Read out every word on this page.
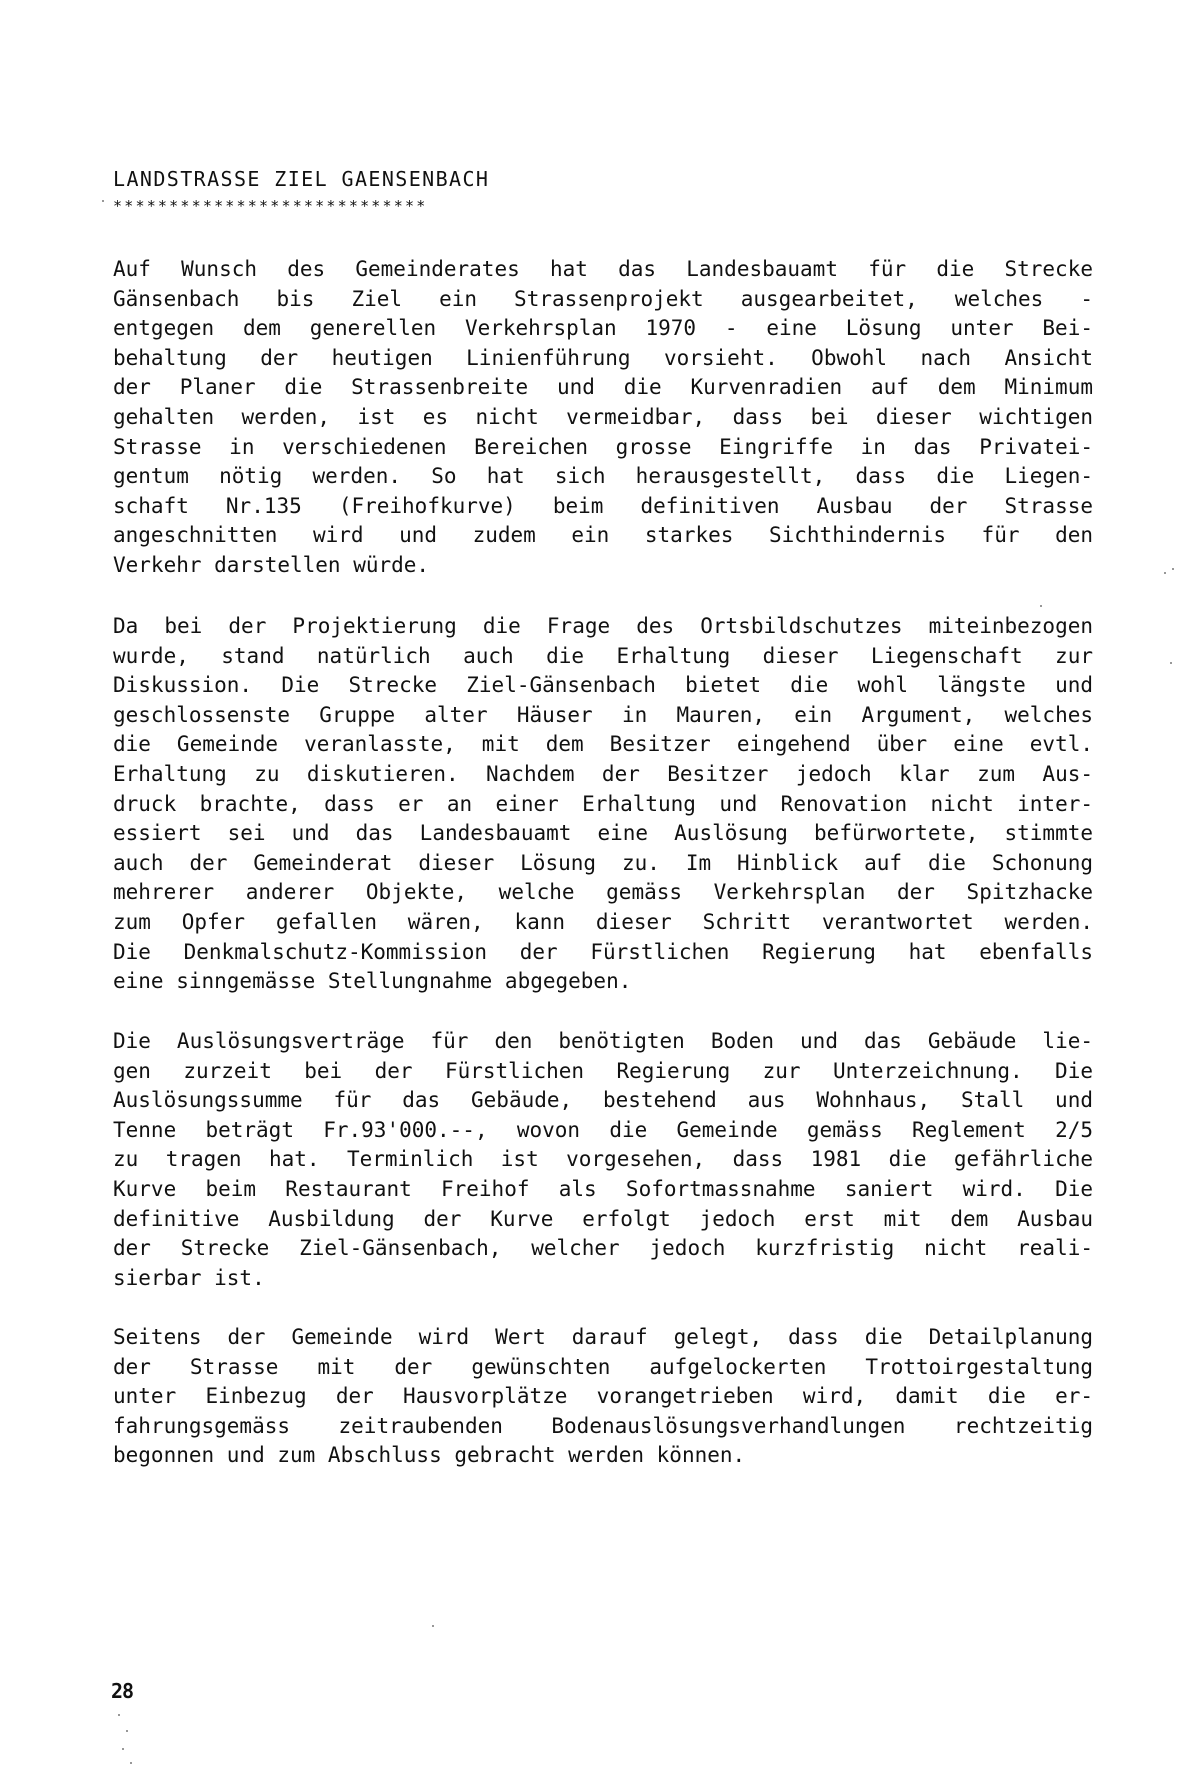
LANDSTRASSE ZIEL GAENSENBACH
****************************
Auf Wunsch des Gemeinderates hat das Landesbauamt für die Strecke
Gänsenbach bis Ziel ein Strassenprojekt ausgearbeitet, welches -
entgegen dem generellen Verkehrsplan 1970 - eine Lösung unter Bei-
behaltung der heutigen Linienführung vorsieht. Obwohl nach Ansicht
der Planer die Strassenbreite und die Kurvenradien auf dem Minimum
gehalten werden, ist es nicht vermeidbar, dass bei dieser wichtigen
Strasse in verschiedenen Bereichen grosse Eingriffe in das Privatei-
gentum nötig werden. So hat sich herausgestellt, dass die Liegen-
schaft Nr.135 (Freihofkurve) beim definitiven Ausbau der Strasse
angeschnitten wird und zudem ein starkes Sichthindernis für den
Verkehr darstellen würde.
Da bei der Projektierung die Frage des Ortsbildschutzes miteinbezogen
wurde, stand natürlich auch die Erhaltung dieser Liegenschaft zur
Diskussion. Die Strecke Ziel-Gänsenbach bietet die wohl längste und
geschlossenste Gruppe alter Häuser in Mauren, ein Argument, welches
die Gemeinde veranlasste, mit dem Besitzer eingehend über eine evtl.
Erhaltung zu diskutieren. Nachdem der Besitzer jedoch klar zum Aus-
druck brachte, dass er an einer Erhaltung und Renovation nicht inter-
essiert sei und das Landesbauamt eine Auslösung befürwortete, stimmte
auch der Gemeinderat dieser Lösung zu. Im Hinblick auf die Schonung
mehrerer anderer Objekte, welche gemäss Verkehrsplan der Spitzhacke
zum Opfer gefallen wären, kann dieser Schritt verantwortet werden.
Die Denkmalschutz-Kommission der Fürstlichen Regierung hat ebenfalls
eine sinngemässe Stellungnahme abgegeben.
Die Auslösungsverträge für den benötigten Boden und das Gebäude lie-
gen zurzeit bei der Fürstlichen Regierung zur Unterzeichnung. Die
Auslösungssumme für das Gebäude, bestehend aus Wohnhaus, Stall und
Tenne beträgt Fr.93'000.--, wovon die Gemeinde gemäss Reglement 2/5
zu tragen hat. Terminlich ist vorgesehen, dass 1981 die gefährliche
Kurve beim Restaurant Freihof als Sofortmassnahme saniert wird. Die
definitive Ausbildung der Kurve erfolgt jedoch erst mit dem Ausbau
der Strecke Ziel-Gänsenbach, welcher jedoch kurzfristig nicht reali-
sierbar ist.
Seitens der Gemeinde wird Wert darauf gelegt, dass die Detailplanung
der Strasse mit der gewünschten aufgelockerten Trottoirgestaltung
unter Einbezug der Hausvorplätze vorangetrieben wird, damit die er-
fahrungsgemäss zeitraubenden Bodenauslösungsverhandlungen rechtzeitig
begonnen und zum Abschluss gebracht werden können.
28
